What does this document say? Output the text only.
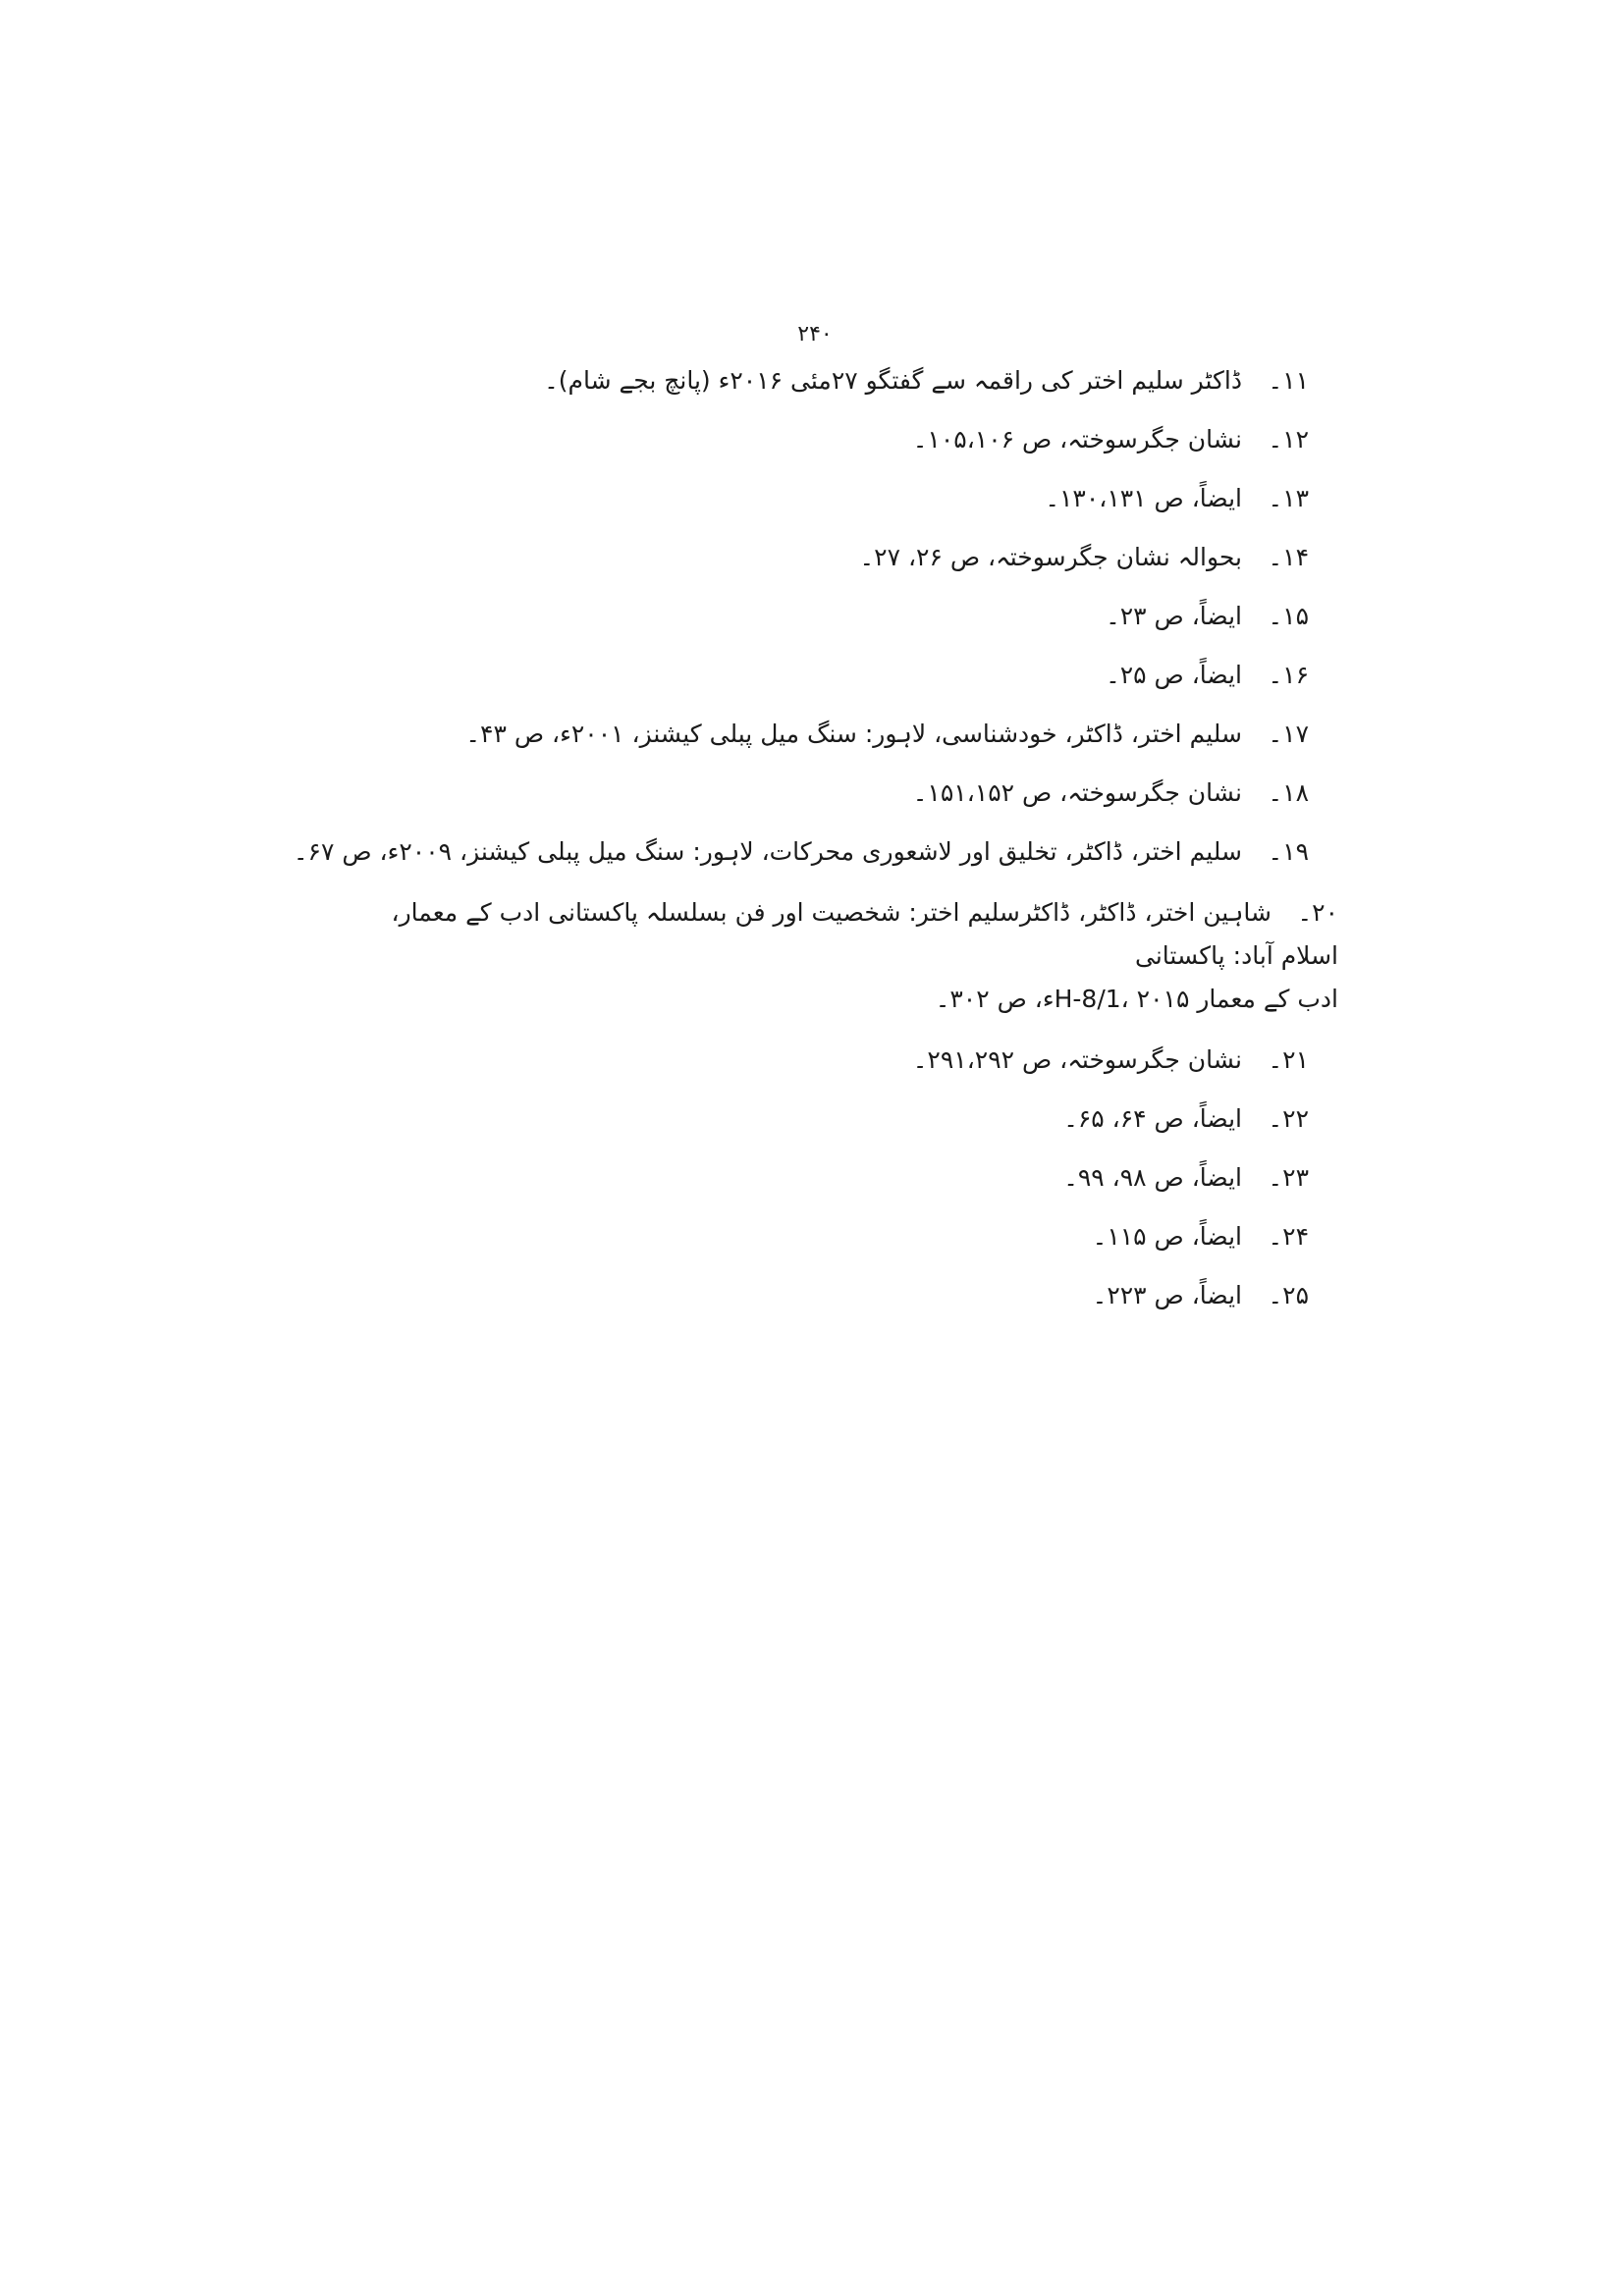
۲۴۰
۱۱۔ڈاکٹر سلیم اختر کی راقمہ سے گفتگو ۲۷مئی ۲۰۱۶ء (پانچ بجے شام)۔
۱۲۔نشان جگرسوختہ، ص ۱۰۵،۱۰۶۔
۱۳۔ایضاً، ص ۱۳۰،۱۳۱۔
۱۴۔بحوالہ نشان جگرسوختہ، ص ۲۶، ۲۷۔
۱۵۔ایضاً، ص ۲۳۔
۱۶۔ایضاً، ص ۲۵۔
۱۷۔سلیم اختر، ڈاکٹر، خودشناسی، لاہور: سنگ میل پبلی کیشنز، ۲۰۰۱ء، ص ۴۳۔
۱۸۔نشان جگرسوختہ، ص ۱۵۱،۱۵۲۔
۱۹۔سلیم اختر، ڈاکٹر، تخلیق اور لاشعوری محرکات، لاہور: سنگ میل پبلی کیشنز، ۲۰۰۹ء، ص ۶۷۔
۲۰۔شاہین اختر، ڈاکٹر، ڈاکٹرسلیم اختر: شخصیت اور فن بسلسلہ پاکستانی ادب کے معمار، اسلام آباد: پاکستانی
ادب کے معمار H-8/1، ۲۰۱۵ء، ص ۳۰۲۔
۲۱۔نشان جگرسوختہ، ص ۲۹۱،۲۹۲۔
۲۲۔ایضاً، ص ۶۴، ۶۵۔
۲۳۔ایضاً، ص ۹۸، ۹۹۔
۲۴۔ایضاً، ص ۱۱۵۔
۲۵۔ایضاً، ص ۲۲۳۔
